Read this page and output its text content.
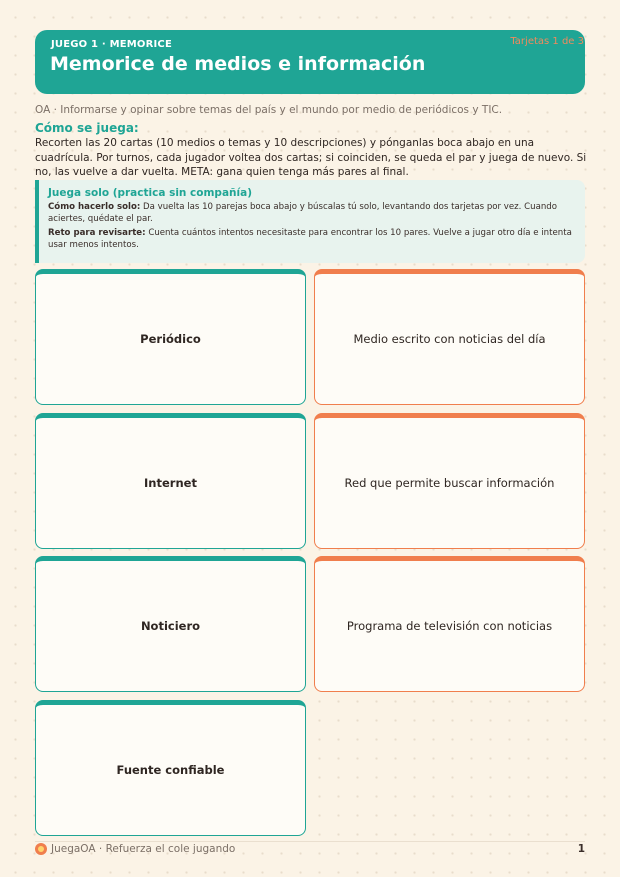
JUEGO 1 · MEMORICE
Memorice de medios e información
Tarjetas 1 de 3
OA · Informarse y opinar sobre temas del país y el mundo por medio de periódicos y TIC.
Cómo se juega:
Recorten las 20 cartas (10 medios o temas y 10 descripciones) y pónganlas boca abajo en una cuadrícula. Por turnos, cada jugador voltea dos cartas; si coinciden, se queda el par y juega de nuevo. Si no, las vuelve a dar vuelta. META: gana quien tenga más pares al final.
Juega solo (practica sin compañía)
Cómo hacerlo solo: Da vuelta las 10 parejas boca abajo y búscalas tú solo, levantando dos tarjetas por vez. Cuando aciertes, quédate el par.
Reto para revisarte: Cuenta cuántos intentos necesitaste para encontrar los 10 pares. Vuelve a jugar otro día e intenta usar menos intentos.
Periódico	Medio escrito con noticias del día
Internet	Red que permite buscar información
Noticiero	Programa de televisión con noticias
Fuente confiable
JuegaOA · Refuerza el cole jugando	1
